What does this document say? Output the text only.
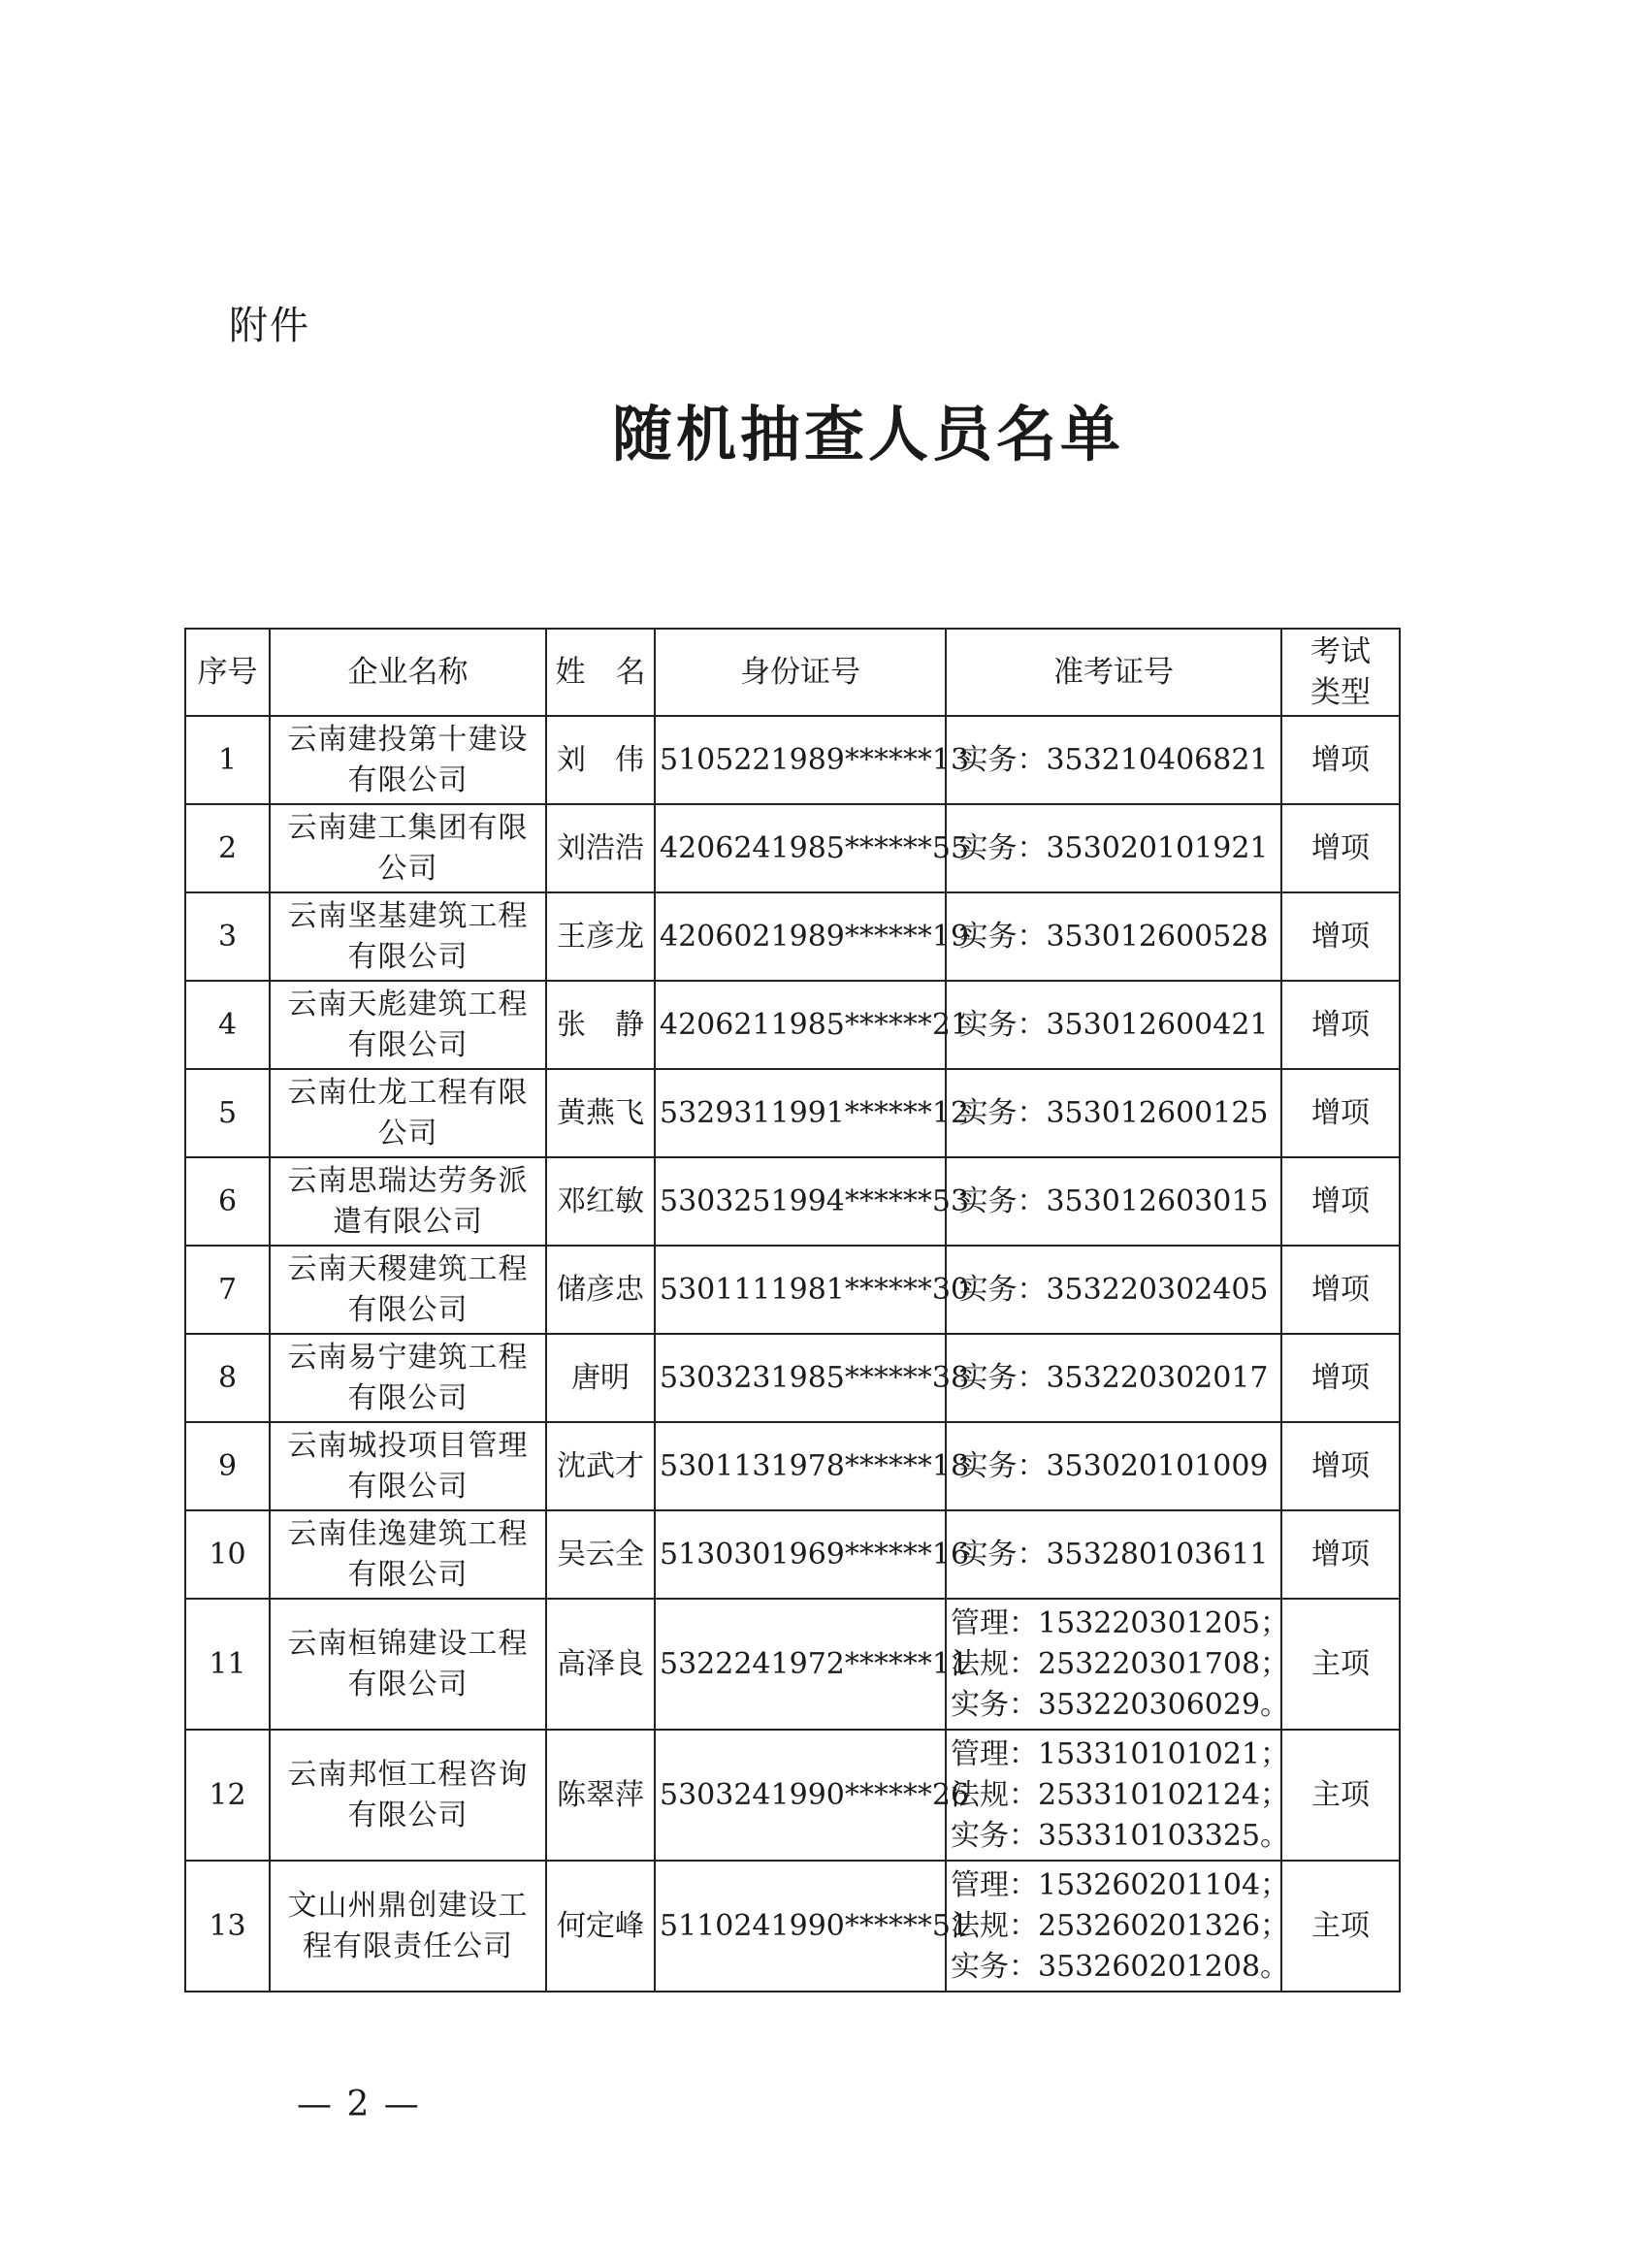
附件
随机抽查人员名单
序号	企业名称	姓　名	身份证号	准考证号	考试
类型

1	云南建投第十建设有限公司	刘　伟	5105221989******13	实务：353210406821	增项
2	云南建工集团有限公司	刘浩浩	4206241985******55	实务：353020101921	增项
3	云南坚基建筑工程有限公司	王彦龙	4206021989******19	实务：353012600528	增项
4	云南天彪建筑工程有限公司	张　静	4206211985******21	实务：353012600421	增项
5	云南仕龙工程有限公司	黄燕飞	5329311991******12	实务：353012600125	增项
6	云南思瑞达劳务派遣有限公司	邓红敏	5303251994******53	实务：353012603015	增项
7	云南天稷建筑工程有限公司	储彦忠	5301111981******30	实务：353220302405	增项
8	云南易宁建筑工程有限公司	唐明	5303231985******38	实务：353220302017	增项
9	云南城投项目管理有限公司	沈武才	5301131978******18	实务：353020101009	增项
10	云南佳逸建筑工程有限公司	吴云全	5130301969******16	实务：353280103611	增项
11	云南桓锦建设工程有限公司	高泽良	5322241972******11	管理：153220301205；
法规：253220301708；
实务：353220306029。	主项
12	云南邦恒工程咨询有限公司	陈翠萍	5303241990******26	管理：153310101021；
法规：253310102124；
实务：353310103325。	主项
13	文山州鼎创建设工程有限责任公司	何定峰	5110241990******51	管理：153260201104；
法规：253260201326；
实务：353260201208。	主项
— 2 —
